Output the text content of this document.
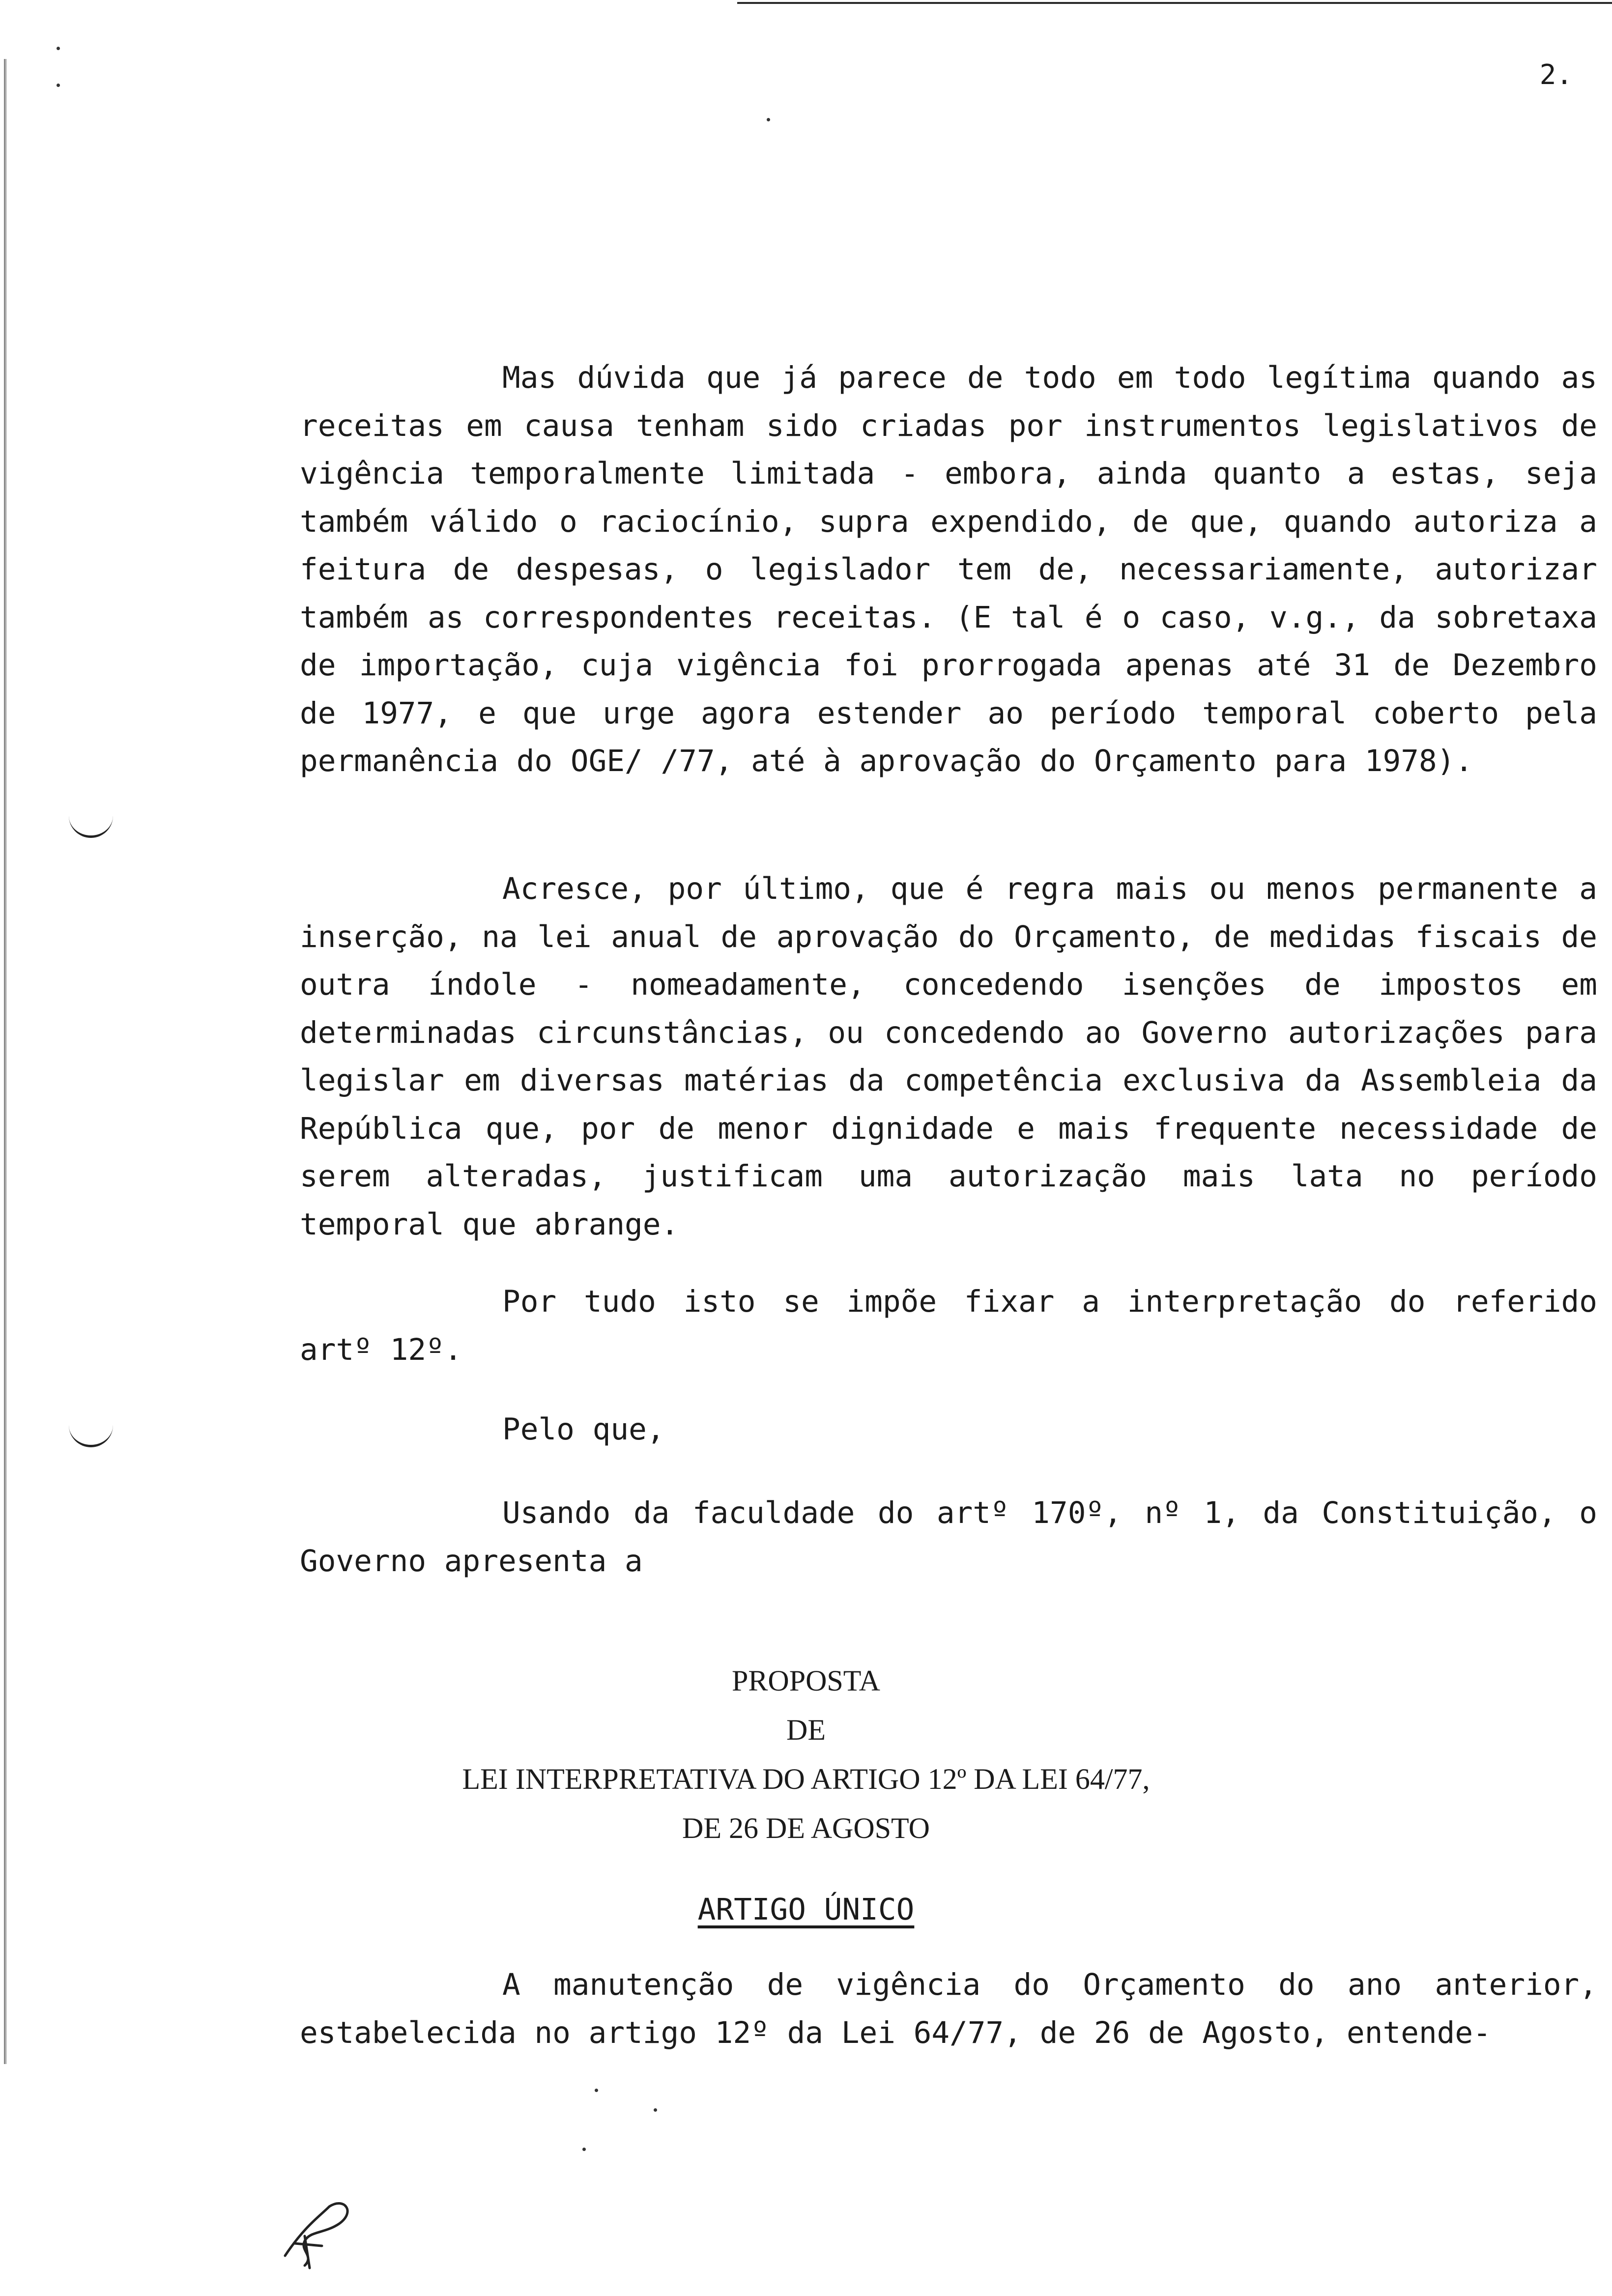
2.
Mas dúvida que já parece de todo em todo legítima quando as receitas em causa tenham sido criadas por instrumentos legislativos de vigência temporalmente limitada - embora, ainda quanto a estas, seja também válido o raciocínio, supra expendido, de que, quando autoriza a feitura de despesas, o legislador tem de, necessariamente, autorizar também as correspondentes receitas. (E tal é o caso, v.g., da sobretaxa de importação, cuja vigência foi prorrogada apenas até 31 de Dezembro de 1977, e que urge agora estender ao período temporal coberto pela permanência do OGE/ /77, até à aprovação do Orçamento para 1978).
Acresce, por último, que é regra mais ou menos permanente a inserção, na lei anual de aprovação do Orçamento, de medidas fiscais de outra índole - nomeadamente, concedendo isenções de impostos em determinadas circunstâncias, ou concedendo ao Governo autorizações para legislar em diversas matérias da competência exclusiva da Assembleia da República que, por de menor dignidade e mais frequente necessidade de serem alteradas, justificam uma autorização mais lata no período temporal que abrange.
Por tudo isto se impõe fixar a interpretação do referido artº 12º.
Pelo que,
Usando da faculdade do artº 170º, nº 1, da Constituição, o Governo apresenta a
PROPOSTA
DE
LEI INTERPRETATIVA DO ARTIGO 12º DA LEI 64/77,
DE 26 DE AGOSTO
ARTIGO ÚNICO
A manutenção de vigência do Orçamento do ano anterior, estabelecida no artigo 12º da Lei 64/77, de 26 de Agosto, entende-
